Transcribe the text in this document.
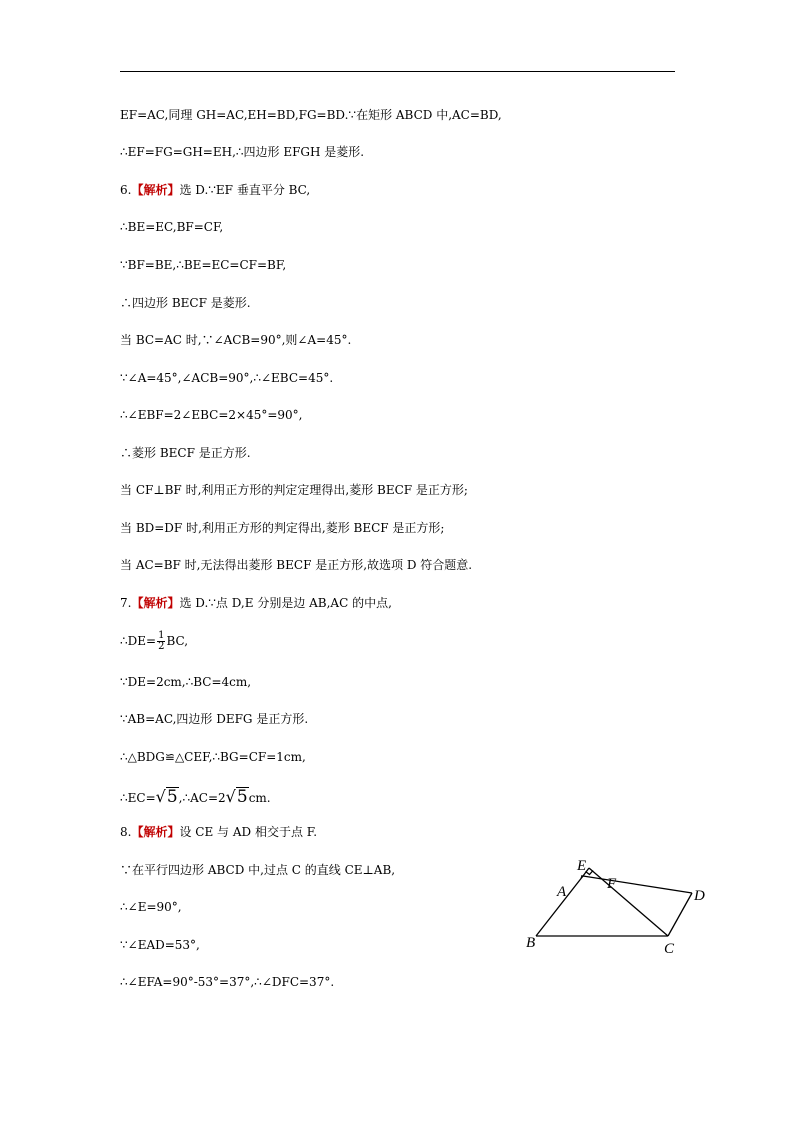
EF=AC,同理 GH=AC,EH=BD,FG=BD.∵在矩形 ABCD 中,AC=BD,
∴EF=FG=GH=EH,∴四边形 EFGH 是菱形.
6.【解析】选 D.∵EF 垂直平分 BC,
∴BE=EC,BF=CF,
∵BF=BE,∴BE=EC=CF=BF,
∴四边形 BECF 是菱形.
当 BC=AC 时,∵∠ACB=90°,则∠A=45°.
∵∠A=45°,∠ACB=90°,∴∠EBC=45°.
∴∠EBF=2∠EBC=2×45°=90°,
∴菱形 BECF 是正方形.
当 CF⊥BF 时,利用正方形的判定定理得出,菱形 BECF 是正方形;
当 BD=DF 时,利用正方形的判定得出,菱形 BECF 是正方形;
当 AC=BF 时,无法得出菱形 BECF 是正方形,故选项 D 符合题意.
7.【解析】选 D.∵点 D,E 分别是边 AB,AC 的中点,
∴DE= $\frac{1}{2}$ BC,
∵DE=2cm,∴BC=4cm,
∵AB=AC,四边形 DEFG 是正方形.
∴△BDG≌△CEF,∴BG=CF=1cm,
∴EC=√5,∴AC=2√5cm.
8.【解析】设 CE 与 AD 相交于点 F.
∵在平行四边形 ABCD 中,过点 C 的直线 CE⊥AB,
∴∠E=90°,
∵∠EAD=53°,
∴∠EFA=90°-53°=37°,∴∠DFC=37°.
E
A	F
D
B	C
